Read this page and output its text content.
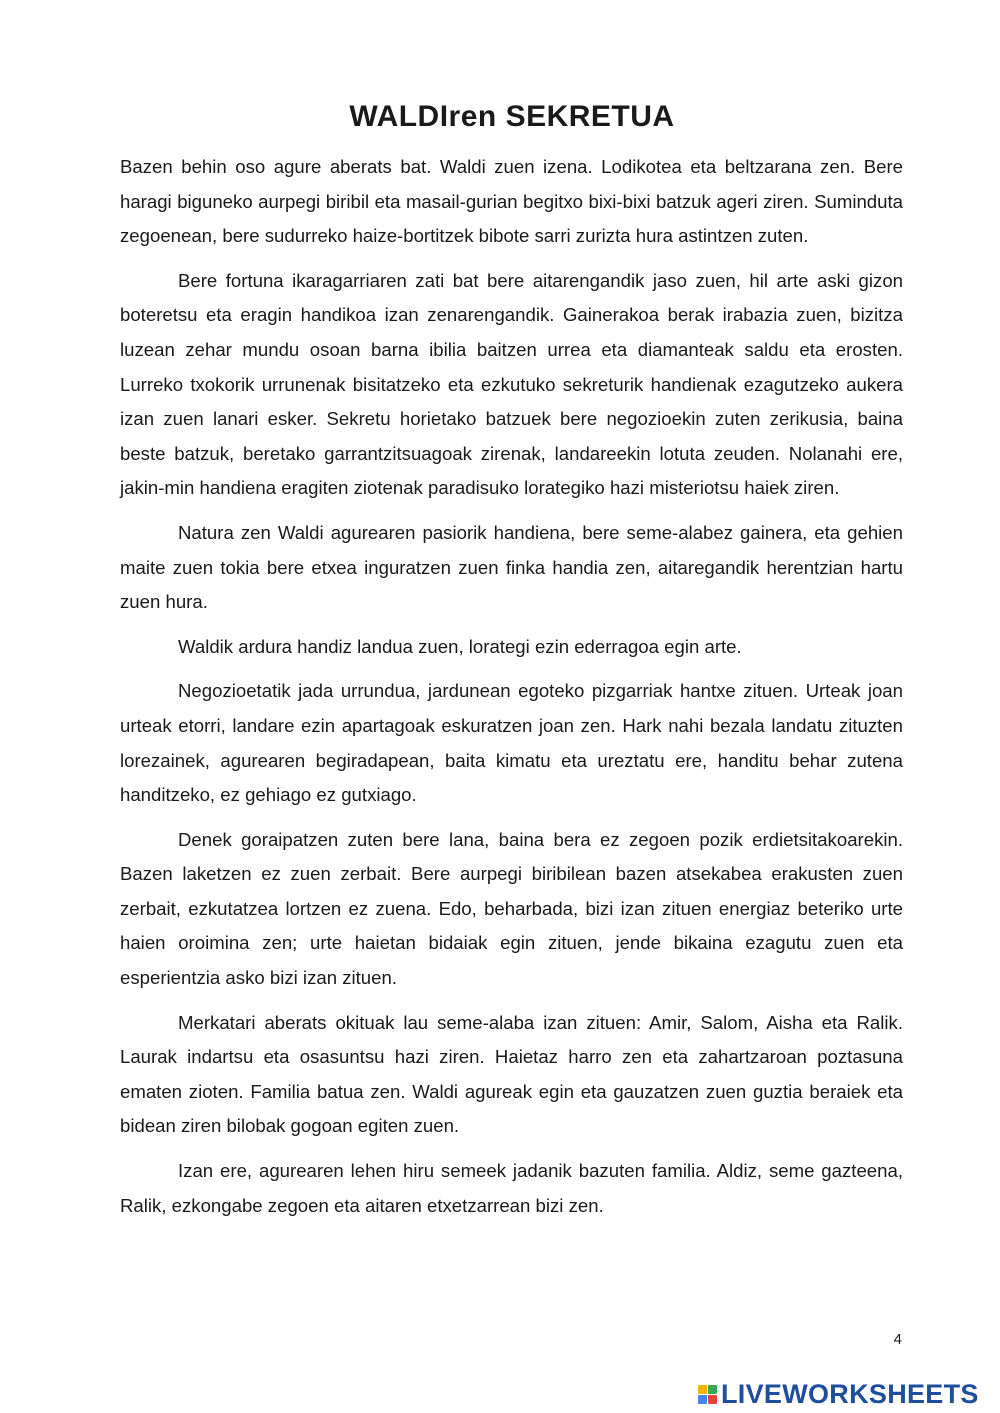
WALDIren SEKRETUA

Bazen behin oso agure aberats bat. Waldi zuen izena. Lodikotea eta beltzarana zen. Bere haragi biguneko aurpegi biribil eta masail-gurian begitxo bixi-bixi batzuk ageri ziren. Suminduta zegoenean, bere sudurreko haize-bortitzek bibote sarri zurizta hura astintzen zuten.

Bere fortuna ikaragarriaren zati bat bere aitarengandik jaso zuen, hil arte aski gizon boteretsu eta eragin handikoa izan zenarengandik. Gainerakoa berak irabazia zuen, bizitza luzean zehar mundu osoan barna ibilia baitzen urrea eta diamanteak saldu eta erosten. Lurreko txokorik urrunenak bisitatzeko eta ezkutuko sekreturik handienak ezagutzeko aukera izan zuen lanari esker. Sekretu horietako batzuek bere negozioekin zuten zerikusia, baina beste batzuk, beretako garrantzitsuagoak zirenak, landareekin lotuta zeuden. Nolanahi ere, jakin-min handiena eragiten ziotenak paradisuko lorategiko hazi misteriotsu haiek ziren.

Natura zen Waldi agurearen pasiorik handiena, bere seme-alabez gainera, eta gehien maite zuen tokia bere etxea inguratzen zuen finka handia zen, aitaregandik herentzian hartu zuen hura.

Waldik ardura handiz landua zuen, lorategi ezin ederragoa egin arte.

Negozioetatik jada urrundua, jardunean egoteko pizgarriak hantxe zituen. Urteak joan urteak etorri, landare ezin apartagoak eskuratzen joan zen. Hark nahi bezala landatu zituzten lorezainek, agurearen begiradapean, baita kimatu eta ureztatu ere, handitu behar zutena handitzeko, ez gehiago ez gutxiago.

Denek goraipatzen zuten bere lana, baina bera ez zegoen pozik erdietsitakoarekin. Bazen laketzen ez zuen zerbait. Bere aurpegi biribilean bazen atsekabea erakusten zuen zerbait, ezkutatzea lortzen ez zuena. Edo, beharbada, bizi izan zituen energiaz beteriko urte haien oroimina zen; urte haietan bidaiak egin zituen, jende bikaina ezagutu zuen eta esperientzia asko bizi izan zituen.

Merkatari aberats okituak lau seme-alaba izan zituen: Amir, Salom, Aisha eta Ralik. Laurak indartsu eta osasuntsu hazi ziren. Haietaz harro zen eta zahartzaroan poztasuna ematen zioten. Familia batua zen. Waldi agureak egin eta gauzatzen zuen guztia beraiek eta bidean ziren bilobak gogoan egiten zuen.

Izan ere, agurearen lehen hiru semeek jadanik bazuten familia. Aldiz, seme gazteena, Ralik, ezkongabe zegoen eta aitaren etxetzarrean bizi zen.

4
LIVEWORKSHEETS
